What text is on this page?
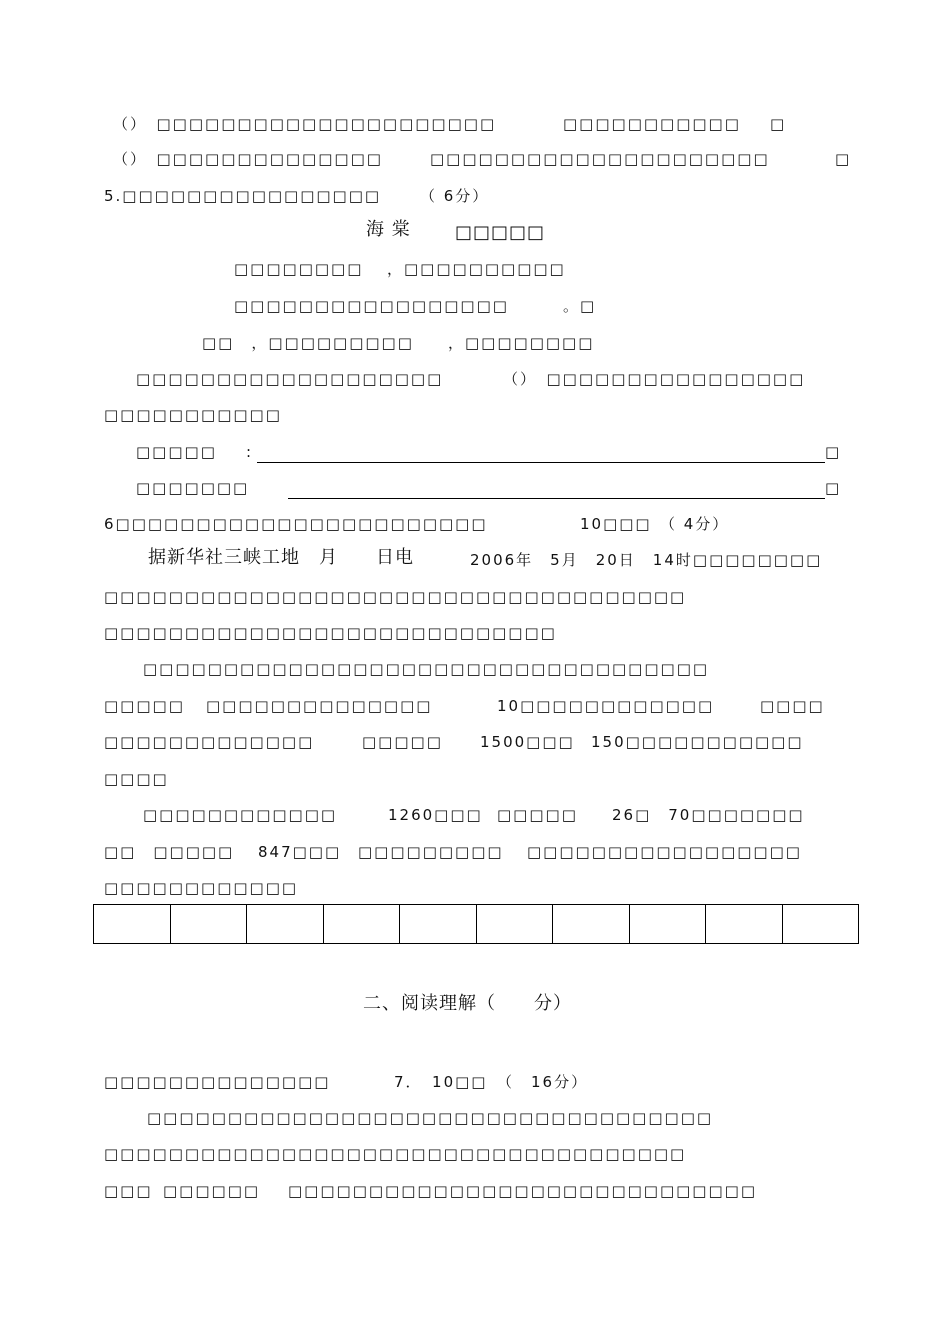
（）　□□□□□□□□□□□□□□□□□□□□□	□□□□□□□□□□□ □
（）　□□□□□□□□□□□□□□	□□□□□□□□□□□□□□□□□□□□□	□
5.□□□□□□□□□□□□□□□□	（ 6分）
□□□□□□□□ ，□□□□□□□□□□
□□□□□□□□□□□□□□□□□	。□
□□　，□□□□□□□□□ ，□□□□□□□□
□□□□□□□□□□□□□□□□□□□	（）　□□□□□□□□□□□□□□□□
□□□□□□□□□□□
□□□□□ :	□
□□□□□□□	□
6□□□□□□□□□□□□□□□□□□□□□□□	10□□□ （ 4分）
2006年　5月　20日　14时□□□□□□□□
□□□□□□□□□□□□□□□□□□□□□□□□□□□□□□□□□□□□
□□□□□□□□□□□□□□□□□□□□□□□□□□□□
□□□□□□□□□□□□□□□□□□□□□□□□□□□□□□□□□□□
□□□□□ □□□□□□□□□□□□□□	10□□□□□□□□□□□□	□□□□
□□□□□□□□□□□□□	□□□□□ 1500□□□ 150□□□□□□□□□□□
□□□□
□□□□□□□□□□□□	1260□□□ □□□□□ 26□　70□□□□□□□
□□　□□□□□ 847□□□ □□□□□□□□□ □□□□□□□□□□□□□□□□□
□□□□□□□□□□□□
□□□□□□□□□□□□□□	7．　10□□　（　16分）
□□□□□□□□□□□□□□□□□□□□□□□□□□□□□□□□□□□
□□□□□□□□□□□□□□□□□□□□□□□□□□□□□□□□□□□□
□□□ □□□□□□ □□□□□□□□□□□□□□□□□□□□□□□□□□□□□
海 棠 □□□□□
据新华社三峡工地　月　　日电
二、阅读理解（　　分）
